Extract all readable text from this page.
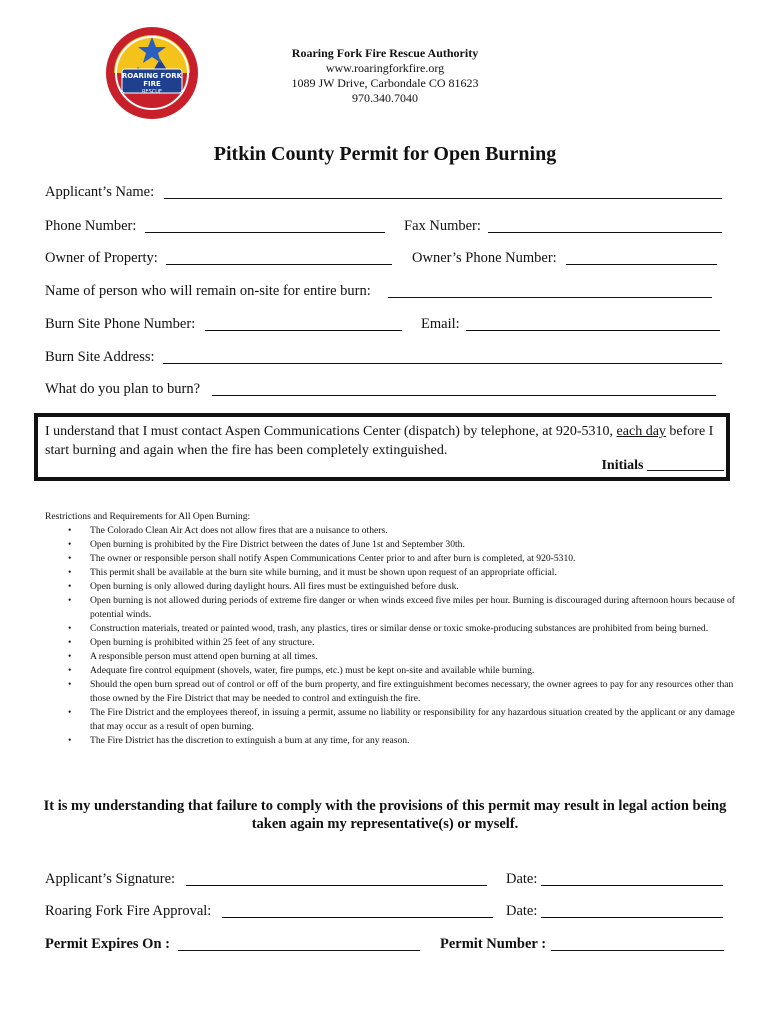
ROARING FORK
FIRE
RESCUE
Roaring Fork Fire Rescue Authority
www.roaringforkfire.org
1089 JW Drive, Carbondale CO 81623
970.340.7040
Pitkin County Permit for Open Burning
Applicant’s Name:
Phone Number:	Fax Number:
Owner of Property:	Owner’s Phone Number:
Name of person who will remain on-site for entire burn:
Burn Site Phone Number:	Email:
Burn Site Address:
What do you plan to burn?
I understand that I must contact Aspen Communications Center (dispatch) by telephone, at 920-5310, each day before I start burning and again when the fire has been completely extinguished.
Initials ___________
Restrictions and Requirements for All Open Burning:
• The Colorado Clean Air Act does not allow fires that are a nuisance to others.
• Open burning is prohibited by the Fire District between the dates of June 1st and September 30th.
• The owner or responsible person shall notify Aspen Communications Center prior to and after burn is completed, at 920-5310.
• This permit shall be available at the burn site while burning, and it must be shown upon request of an appropriate official.
• Open burning is only allowed during daylight hours. All fires must be extinguished before dusk.
• Open burning is not allowed during periods of extreme fire danger or when winds exceed five miles per hour. Burning is discouraged during afternoon hours because of potential winds.
• Construction materials, treated or painted wood, trash, any plastics, tires or similar dense or toxic smoke-producing substances are prohibited from being burned.
• Open burning is prohibited within 25 feet of any structure.
• A responsible person must attend open burning at all times.
• Adequate fire control equipment (shovels, water, fire pumps, etc.) must be kept on-site and available while burning.
• Should the open burn spread out of control or off of the burn property, and fire extinguishment becomes necessary, the owner agrees to pay for any resources other than those owned by the Fire District that may be needed to control and extinguish the fire.
• The Fire District and the employees thereof, in issuing a permit, assume no liability or responsibility for any hazardous situation created by the applicant or any damage that may occur as a result of open burning.
• The Fire District has the discretion to extinguish a burn at any time, for any reason.
It is my understanding that failure to comply with the provisions of this permit may result in legal action being taken again my representative(s) or myself.
Applicant’s Signature:	Date:
Roaring Fork Fire Approval:	Date:
Permit Expires On :	Permit Number :
